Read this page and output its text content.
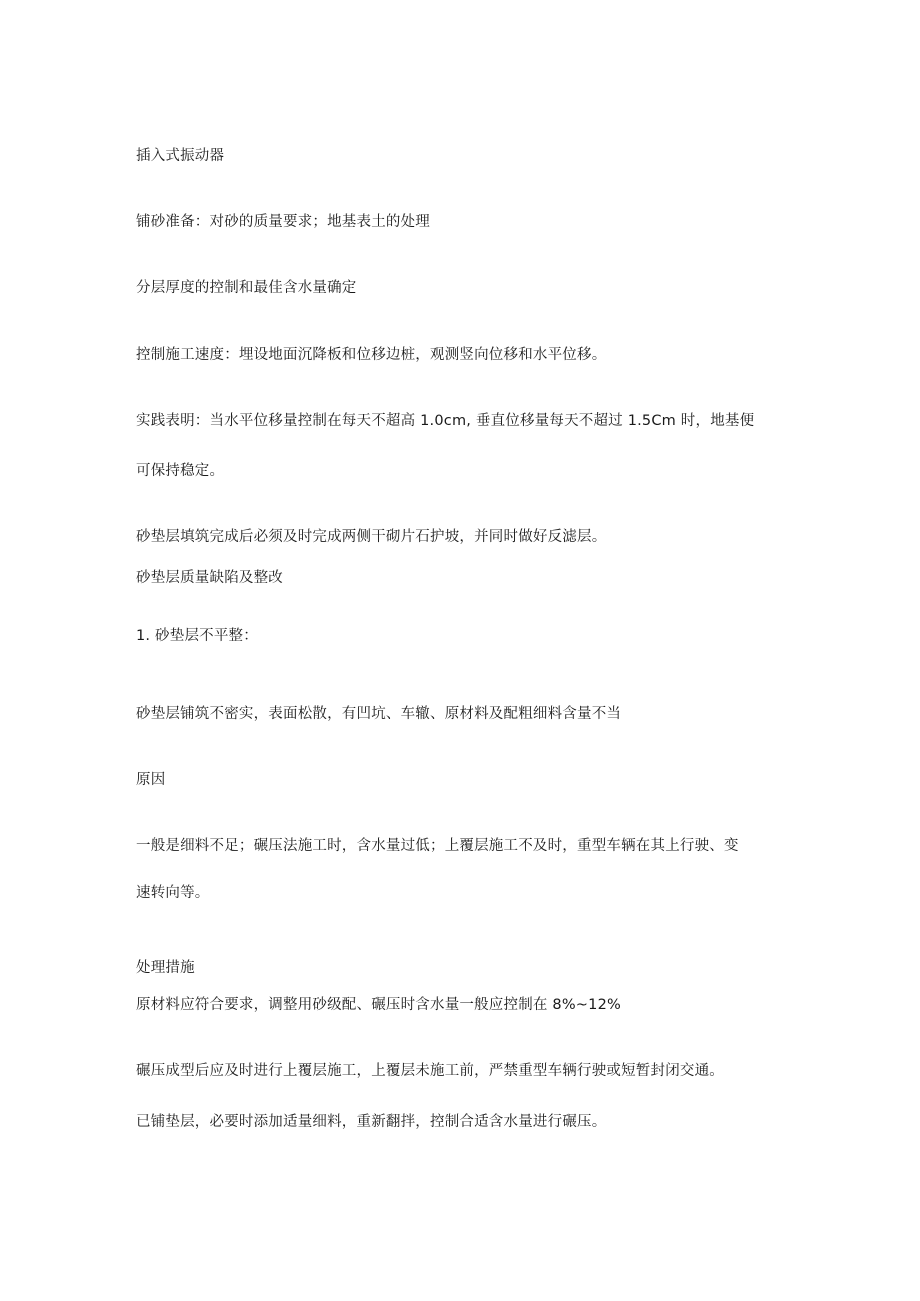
插入式振动器
铺砂准备：对砂的质量要求；地基表土的处理
分层厚度的控制和最佳含水量确定
控制施工速度：埋设地面沉降板和位移边桩，观测竖向位移和水平位移。
实践表明：当水平位移量控制在每天不超高 1.0cm, 垂直位移量每天不超过 1.5Cm 时，地基便
可保持稳定。
砂垫层填筑完成后必须及时完成两侧干砌片石护坡，并同时做好反滤层。
砂垫层质量缺陷及整改
1. 砂垫层不平整：
砂垫层铺筑不密实，表面松散，有凹坑、车辙、原材料及配粗细料含量不当
原因
一般是细料不足；碾压法施工时，含水量过低；上覆层施工不及时，重型车辆在其上行驶、变
速转向等。
处理措施
原材料应符合要求，调整用砂级配、碾压时含水量一般应控制在 8%~12%
碾压成型后应及时进行上覆层施工，上覆层未施工前，严禁重型车辆行驶或短暂封闭交通。
已铺垫层，必要时添加适量细料，重新翻拌，控制合适含水量进行碾压。
